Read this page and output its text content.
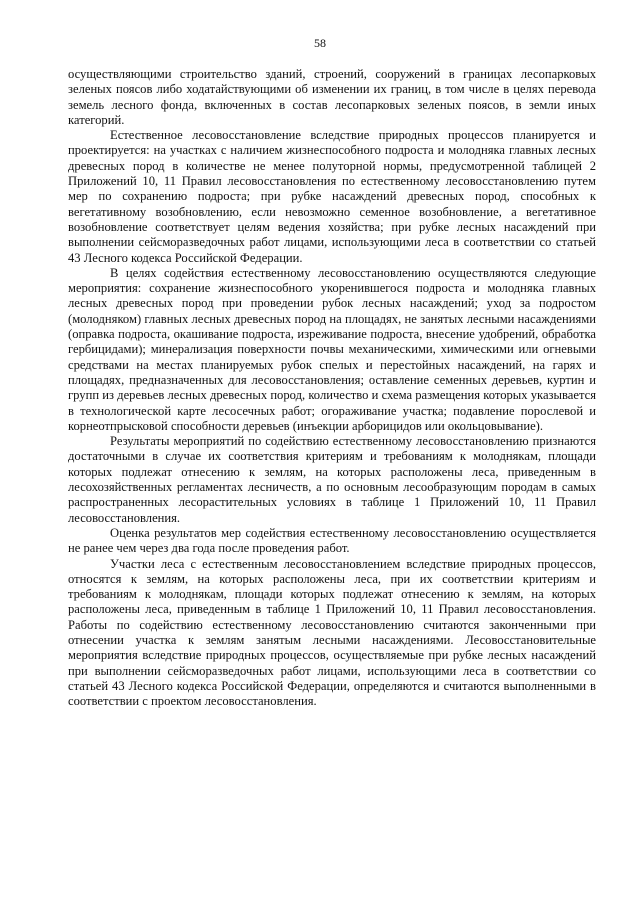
58

осуществляющими строительство зданий, строений, сооружений в границах лесопарковых зеленых поясов либо ходатайствующими об изменении их границ, в том числе в целях перевода земель лесного фонда, включенных в состав лесопарковых зеленых поясов, в земли иных категорий.

Естественное лесовосстановление вследствие природных процессов планируется и проектируется: на участках с наличием жизнеспособного подроста и молодняка главных лесных древесных пород в количестве не менее полуторной нормы, предусмотренной таблицей 2 Приложений 10, 11 Правил лесовосстановления по естественному лесовосстановлению путем мер по сохранению подроста; при рубке насаждений древесных пород, способных к вегетативному возобновлению, если невозможно семенное возобновление, а вегетативное возобновление соответствует целям ведения хозяйства; при рубке лесных насаждений при выполнении сейсморазведочных работ лицами, использующими леса в соответствии со статьей 43 Лесного кодекса Российской Федерации.

В целях содействия естественному лесовосстановлению осуществляются следующие мероприятия: сохранение жизнеспособного укоренившегося подроста и молодняка главных лесных древесных пород при проведении рубок лесных насаждений; уход за подростом (молодняком) главных лесных древесных пород на площадях, не занятых лесными насаждениями (оправка подроста, окашивание подроста, изреживание подроста, внесение удобрений, обработка гербицидами); минерализация поверхности почвы механическими, химическими или огневыми средствами на местах планируемых рубок спелых и перестойных насаждений, на гарях и площадях, предназначенных для лесовосстановления; оставление семенных деревьев, куртин и групп из деревьев лесных древесных пород, количество и схема размещения которых указывается в технологической карте лесосечных работ; огораживание участка; подавление порослевой и корнеотпрысковой способности деревьев (инъекции арборицидов или окольцовывание).

Результаты мероприятий по содействию естественному лесовосстановлению признаются достаточными в случае их соответствия критериям и требованиям к молоднякам, площади которых подлежат отнесению к землям, на которых расположены леса, приведенным в лесохозяйственных регламентах лесничеств, а по основным лесообразующим породам в самых распространенных лесорастительных условиях в таблице 1 Приложений 10, 11 Правил лесовосстановления.

Оценка результатов мер содействия естественному лесовосстановлению осуществляется не ранее чем через два года после проведения работ.

Участки леса с естественным лесовосстановлением вследствие природных процессов, относятся к землям, на которых расположены леса, при их соответствии критериям и требованиям к молоднякам, площади которых подлежат отнесению к землям, на которых расположены леса, приведенным в таблице 1 Приложений 10, 11 Правил лесовосстановления. Работы по содействию естественному лесовосстановлению считаются законченными при отнесении участка к землям занятым лесными насаждениями. Лесовосстановительные мероприятия вследствие природных процессов, осуществляемые при рубке лесных насаждений при выполнении сейсморазведочных работ лицами, использующими леса в соответствии со статьей 43 Лесного кодекса Российской Федерации, определяются и считаются выполненными в соответствии с проектом лесовосстановления.
